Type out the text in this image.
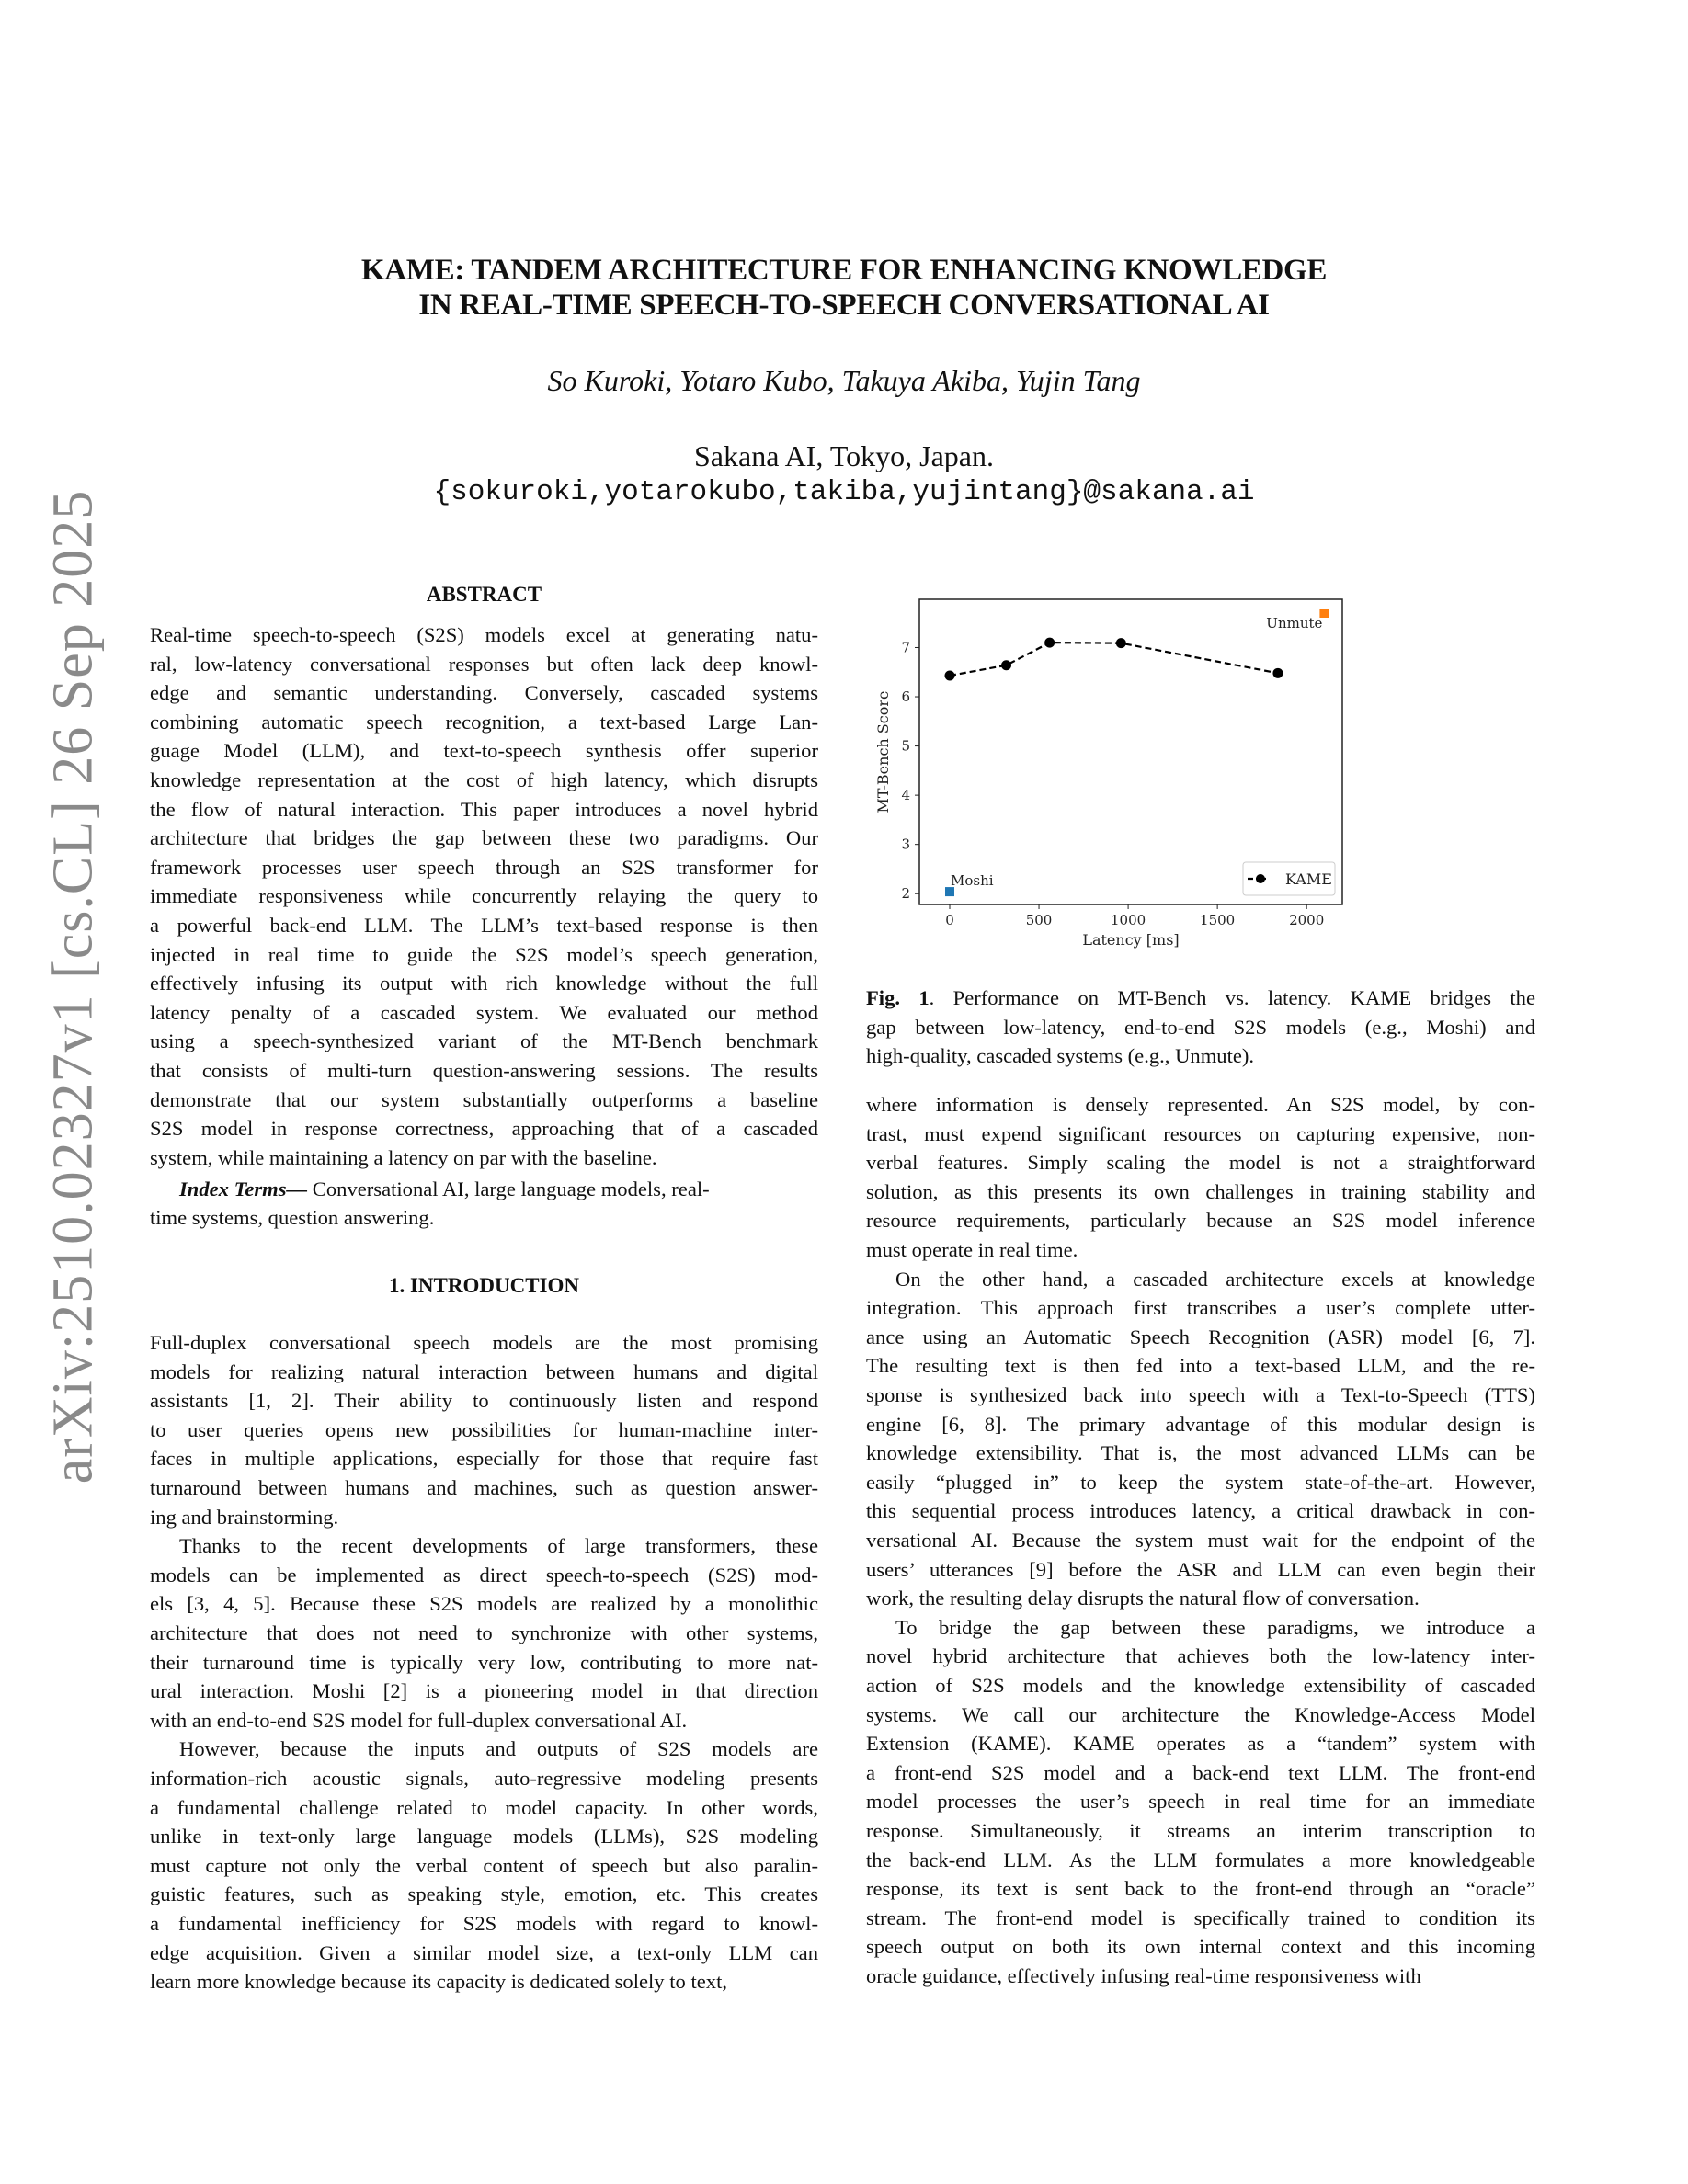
arXiv:2510.02327v1 [cs.CL] 26 Sep 2025
KAME: TANDEM ARCHITECTURE FOR ENHANCING KNOWLEDGE
IN REAL-TIME SPEECH-TO-SPEECH CONVERSATIONAL AI
So Kuroki, Yotaro Kubo, Takuya Akiba, Yujin Tang
Sakana AI, Tokyo, Japan.
{sokuroki,yotarokubo,takiba,yujintang}@sakana.ai
ABSTRACT
Real-time speech-to-speech (S2S) models excel at generating natu-
ral, low-latency conversational responses but often lack deep knowl-
edge and semantic understanding. Conversely, cascaded systems
combining automatic speech recognition, a text-based Large Lan-
guage Model (LLM), and text-to-speech synthesis offer superior
knowledge representation at the cost of high latency, which disrupts
the flow of natural interaction. This paper introduces a novel hybrid
architecture that bridges the gap between these two paradigms. Our
framework processes user speech through an S2S transformer for
immediate responsiveness while concurrently relaying the query to
a powerful back-end LLM. The LLM’s text-based response is then
injected in real time to guide the S2S model’s speech generation,
effectively infusing its output with rich knowledge without the full
latency penalty of a cascaded system. We evaluated our method
using a speech-synthesized variant of the MT-Bench benchmark
that consists of multi-turn question-answering sessions. The results
demonstrate that our system substantially outperforms a baseline
S2S model in response correctness, approaching that of a cascaded
system, while maintaining a latency on par with the baseline.
Index Terms— Conversational AI, large language models, real-
time systems, question answering.
1. INTRODUCTION
Full-duplex conversational speech models are the most promising
models for realizing natural interaction between humans and digital
assistants [1, 2]. Their ability to continuously listen and respond
to user queries opens new possibilities for human-machine inter-
faces in multiple applications, especially for those that require fast
turnaround between humans and machines, such as question answer-
ing and brainstorming.
Thanks to the recent developments of large transformers, these
models can be implemented as direct speech-to-speech (S2S) mod-
els [3, 4, 5]. Because these S2S models are realized by a monolithic
architecture that does not need to synchronize with other systems,
their turnaround time is typically very low, contributing to more nat-
ural interaction. Moshi [2] is a pioneering model in that direction
with an end-to-end S2S model for full-duplex conversational AI.
However, because the inputs and outputs of S2S models are
information-rich acoustic signals, auto-regressive modeling presents
a fundamental challenge related to model capacity. In other words,
unlike in text-only large language models (LLMs), S2S modeling
must capture not only the verbal content of speech but also paralin-
guistic features, such as speaking style, emotion, etc. This creates
a fundamental inefficiency for S2S models with regard to knowl-
edge acquisition. Given a similar model size, a text-only LLM can
learn more knowledge because its capacity is dedicated solely to text,
where information is densely represented. An S2S model, by con-
trast, must expend significant resources on capturing expensive, non-
verbal features. Simply scaling the model is not a straightforward
solution, as this presents its own challenges in training stability and
resource requirements, particularly because an S2S model inference
must operate in real time.
On the other hand, a cascaded architecture excels at knowledge
integration. This approach first transcribes a user’s complete utter-
ance using an Automatic Speech Recognition (ASR) model [6, 7].
The resulting text is then fed into a text-based LLM, and the re-
sponse is synthesized back into speech with a Text-to-Speech (TTS)
engine [6, 8]. The primary advantage of this modular design is
knowledge extensibility. That is, the most advanced LLMs can be
easily “plugged in” to keep the system state-of-the-art. However,
this sequential process introduces latency, a critical drawback in con-
versational AI. Because the system must wait for the endpoint of the
users’ utterances [9] before the ASR and LLM can even begin their
work, the resulting delay disrupts the natural flow of conversation.
To bridge the gap between these paradigms, we introduce a
novel hybrid architecture that achieves both the low-latency inter-
action of S2S models and the knowledge extensibility of cascaded
systems. We call our architecture the Knowledge-Access Model
Extension (KAME). KAME operates as a “tandem” system with
a front-end S2S model and a back-end text LLM. The front-end
model processes the user’s speech in real time for an immediate
response. Simultaneously, it streams an interim transcription to
the back-end LLM. As the LLM formulates a more knowledgeable
response, its text is sent back to the front-end through an “oracle”
stream. The front-end model is specifically trained to condition its
speech output on both its own internal context and this incoming
oracle guidance, effectively infusing real-time responsiveness with
0	500	1000	1500	2000
2
3
4
5
6
7
Moshi
Unmute
Latency [ms]
MT-Bench Score
KAME
Fig. 1. Performance on MT-Bench vs. latency. KAME bridges the
gap between low-latency, end-to-end S2S models (e.g., Moshi) and
high-quality, cascaded systems (e.g., Unmute).
